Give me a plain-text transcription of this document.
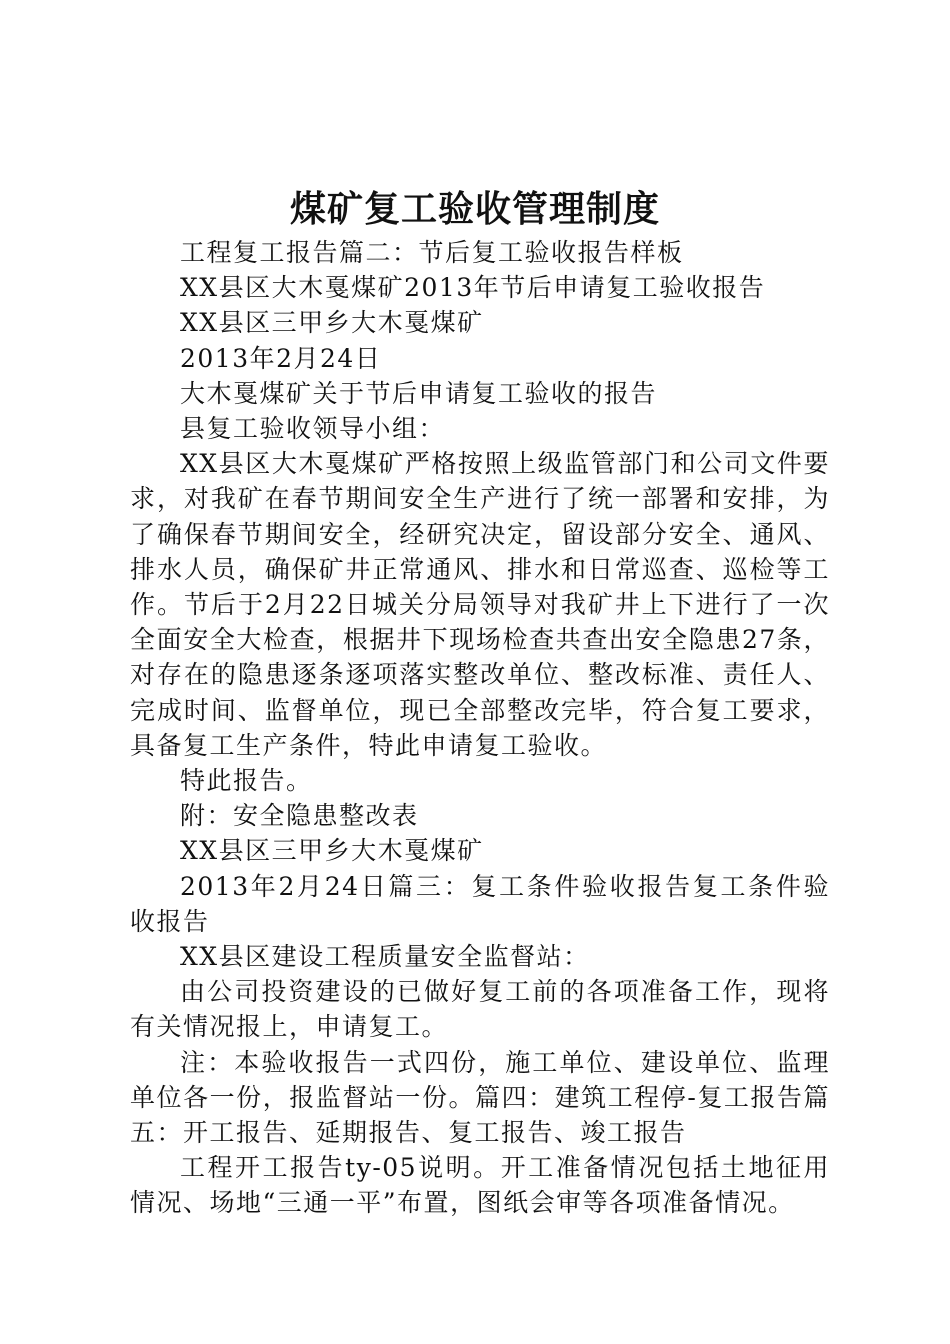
煤矿复工验收管理制度

工程复工报告篇二：节后复工验收报告样板

XX县区大木戛煤矿2013年节后申请复工验收报告

XX县区三甲乡大木戛煤矿

2013年2月24日

大木戛煤矿关于节后申请复工验收的报告

县复工验收领导小组：

XX县区大木戛煤矿严格按照上级监管部门和公司文件要求，对我矿在春节期间安全生产进行了统一部署和安排，为了确保春节期间安全，经研究决定，留设部分安全、通风、排水人员，确保矿井正常通风、排水和日常巡查、巡检等工作。节后于2月22日城关分局领导对我矿井上下进行了一次全面安全大检查，根据井下现场检查共查出安全隐患27条，对存在的隐患逐条逐项落实整改单位、整改标准、责任人、完成时间、监督单位，现已全部整改完毕，符合复工要求，具备复工生产条件，特此申请复工验收。

特此报告。

附：安全隐患整改表

XX县区三甲乡大木戛煤矿

2013年2月24日篇三：复工条件验收报告复工条件验收报告

XX县区建设工程质量安全监督站：

由公司投资建设的已做好复工前的各项准备工作，现将有关情况报上，申请复工。

注：本验收报告一式四份，施工单位、建设单位、监理单位各一份，报监督站一份。篇四：建筑工程停-复工报告篇五：开工报告、延期报告、复工报告、竣工报告

工程开工报告ty-05说明。开工准备情况包括土地征用情况、场地“三通一平”布置，图纸会审等各项准备情况。
